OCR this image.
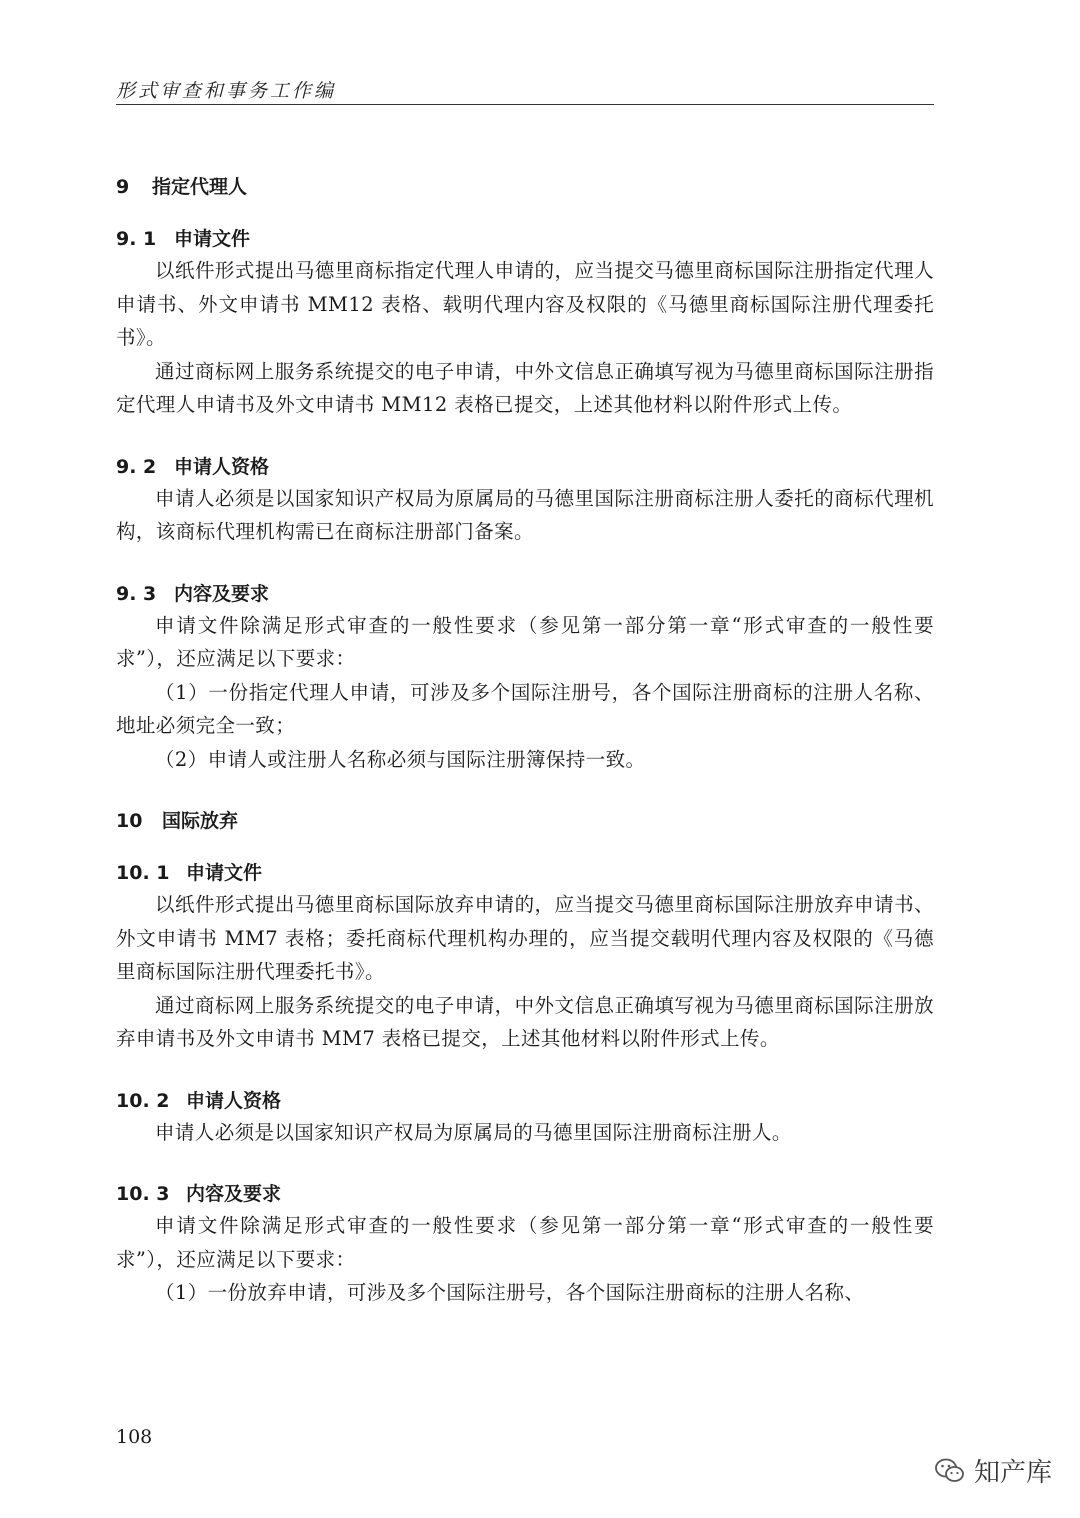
形式审查和事务工作编
9 指定代理人
9. 1 申请文件

以纸件形式提出马德里商标指定代理人申请的，应当提交马德里商标国际注册指定代理人申请书、外文申请书 MM12 表格、载明代理内容及权限的《马德里商标国际注册代理委托书》。

通过商标网上服务系统提交的电子申请，中外文信息正确填写视为马德里商标国际注册指定代理人申请书及外文申请书 MM12 表格已提交，上述其他材料以附件形式上传。

9. 2 申请人资格

申请人必须是以国家知识产权局为原属局的马德里国际注册商标注册人委托的商标代理机构，该商标代理机构需已在商标注册部门备案。

9. 3 内容及要求

申请文件除满足形式审查的一般性要求（参见第一部分第一章“形式审查的一般性要求”），还应满足以下要求：

（1）一份指定代理人申请，可涉及多个国际注册号，各个国际注册商标的注册人名称、地址必须完全一致；

（2）申请人或注册人名称必须与国际注册簿保持一致。

10 国际放弃
10. 1 申请文件

以纸件形式提出马德里商标国际放弃申请的，应当提交马德里商标国际注册放弃申请书、外文申请书 MM7 表格；委托商标代理机构办理的，应当提交载明代理内容及权限的《马德里商标国际注册代理委托书》。

通过商标网上服务系统提交的电子申请，中外文信息正确填写视为马德里商标国际注册放弃申请书及外文申请书 MM7 表格已提交，上述其他材料以附件形式上传。

10. 2 申请人资格

申请人必须是以国家知识产权局为原属局的马德里国际注册商标注册人。

10. 3 内容及要求

申请文件除满足形式审查的一般性要求（参见第一部分第一章“形式审查的一般性要求”），还应满足以下要求：

（1）一份放弃申请，可涉及多个国际注册号，各个国际注册商标的注册人名称、

108
知产库
